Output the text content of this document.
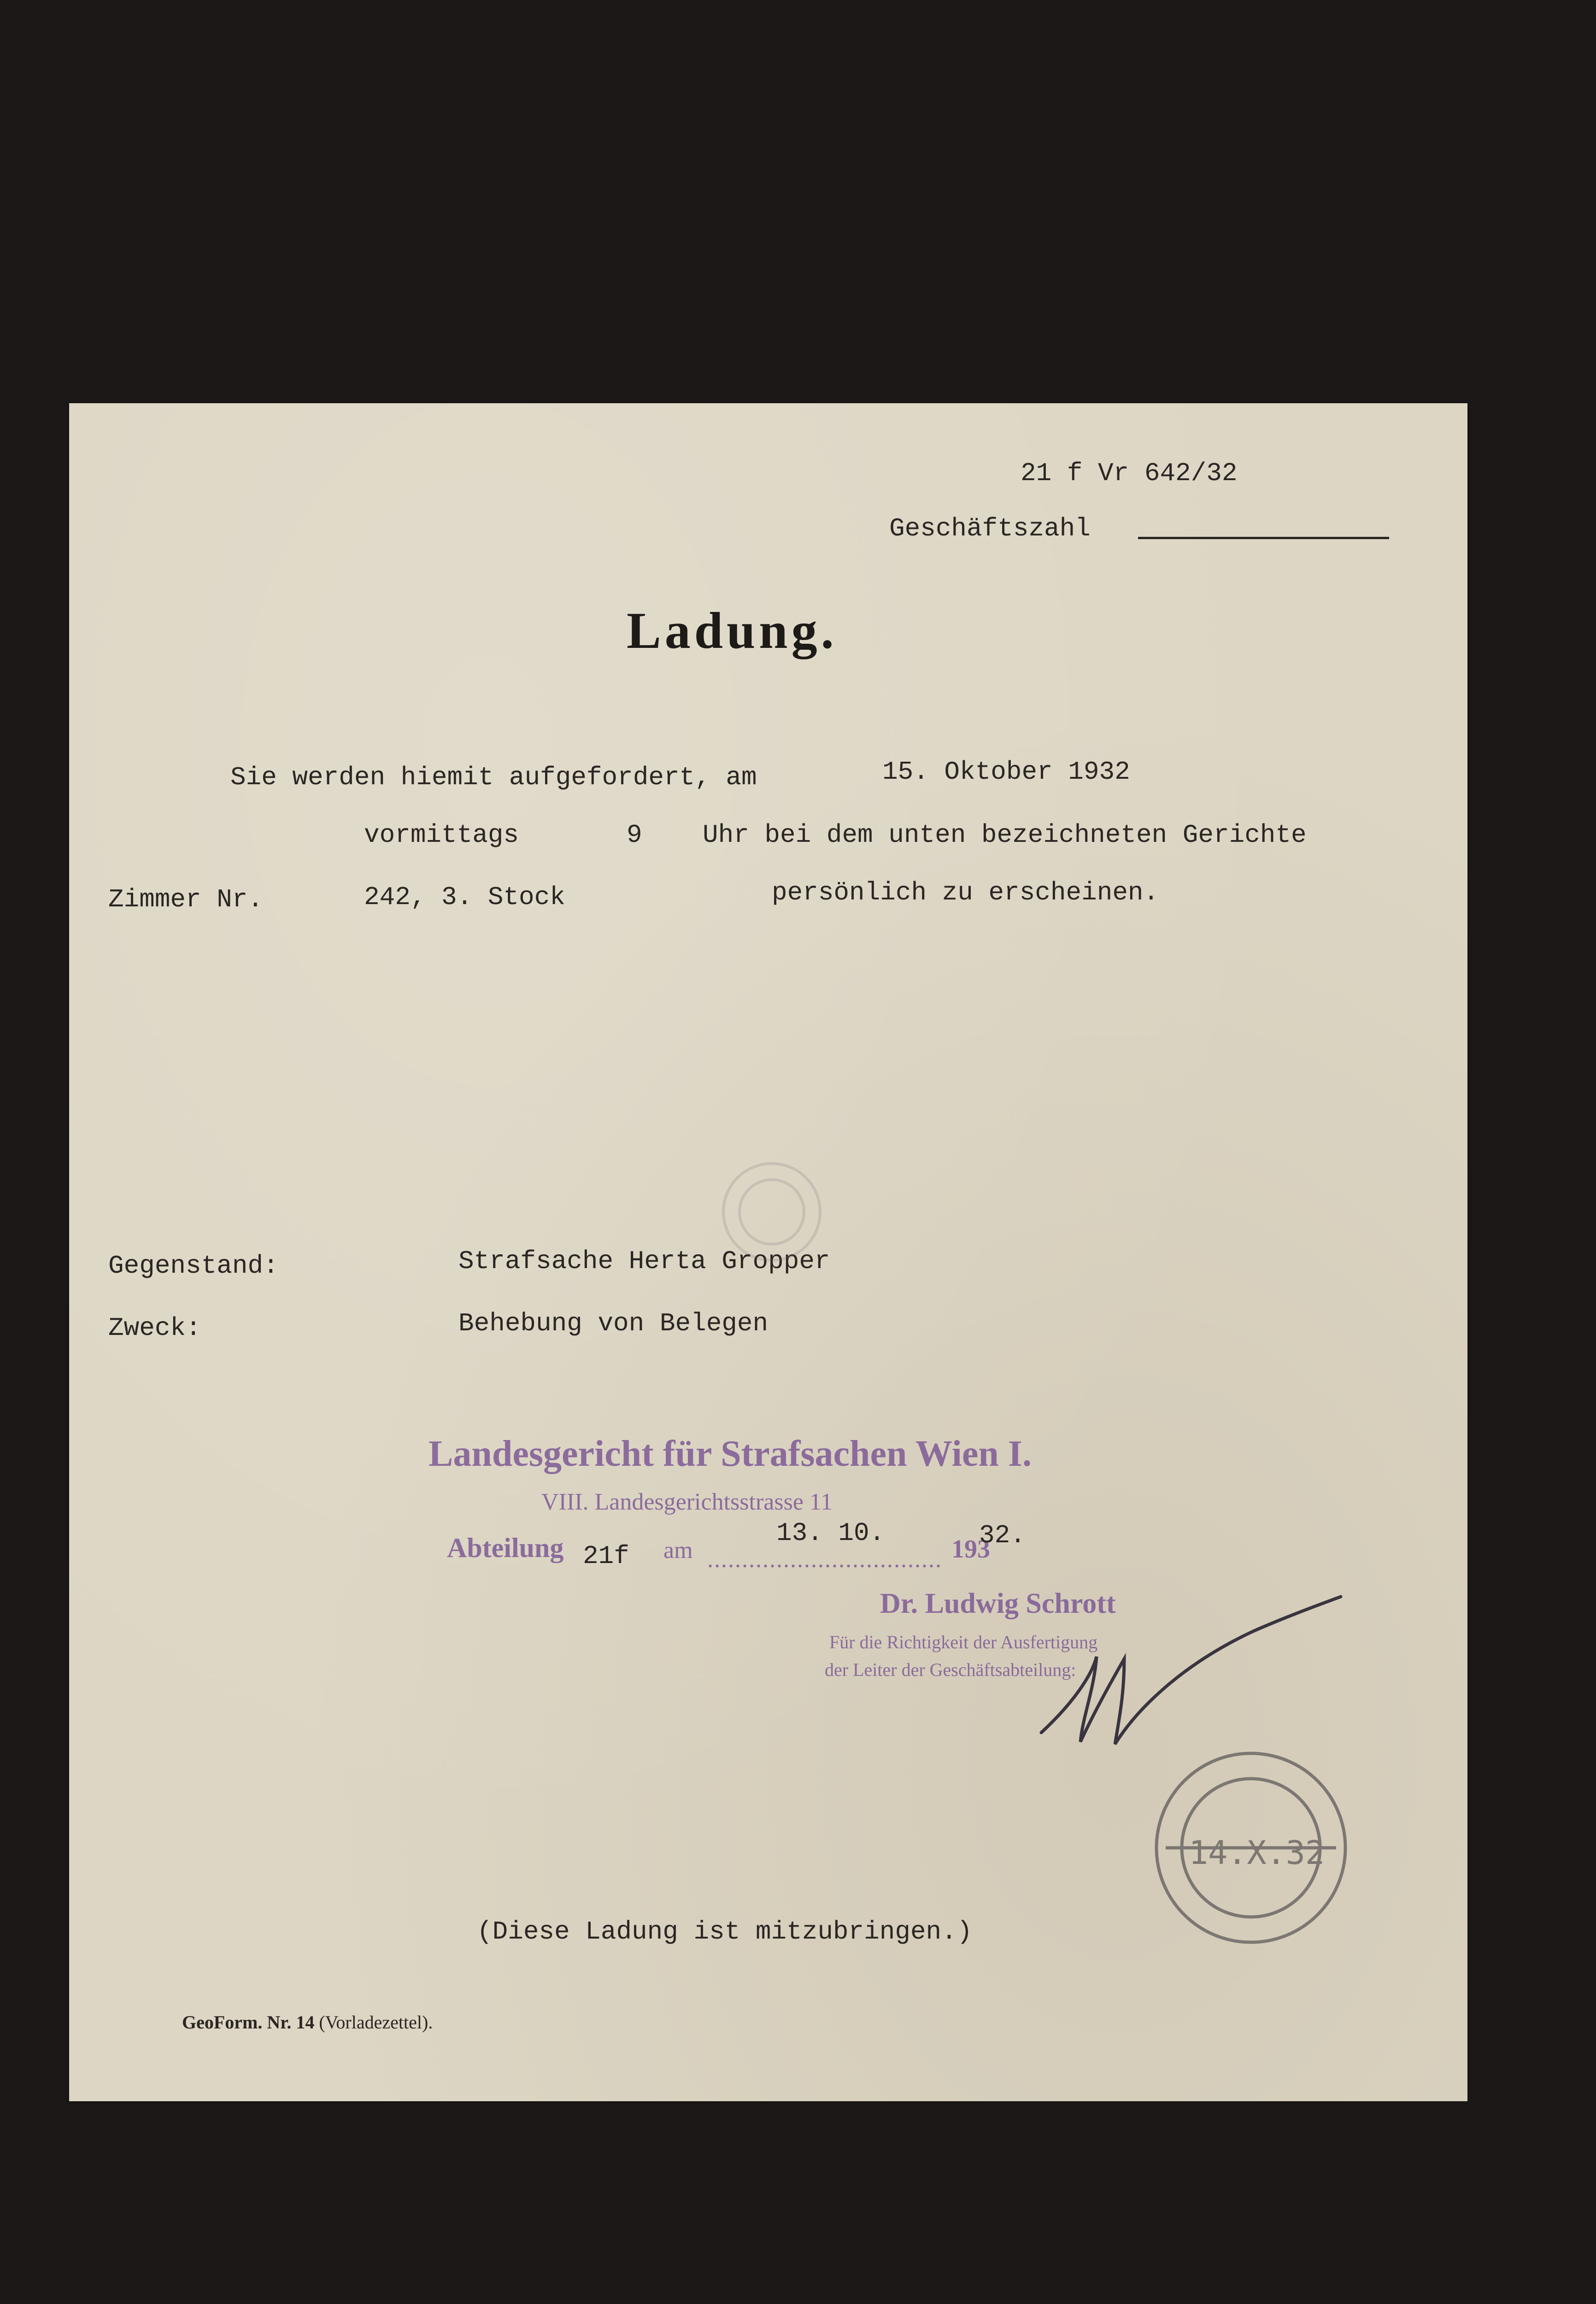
21 f Vr 642/32
Geschäftszahl
Ladung.
Sie werden hiemit aufgefordert, am	15. Oktober 1932
vormittags	9 Uhr bei dem unten bezeichneten Gerichte
Zimmer Nr.	242, 3. Stock	persönlich zu erscheinen.
Gegenstand:	Strafsache Herta Gropper
Zweck:	Behebung von Belegen
Landesgericht für Strafsachen Wien I.
VIII. Landesgerichtsstrasse 11
Abteilung 21f am ..................................
13. 10.
193
32.
Dr. Ludwig Schrott
Für die Richtigkeit der Ausfertigung
der Leiter der Geschäftsabteilung:
(Diese Ladung ist mitzubringen.)
GeoForm. Nr. 14 (Vorladezettel).
14.X.32
